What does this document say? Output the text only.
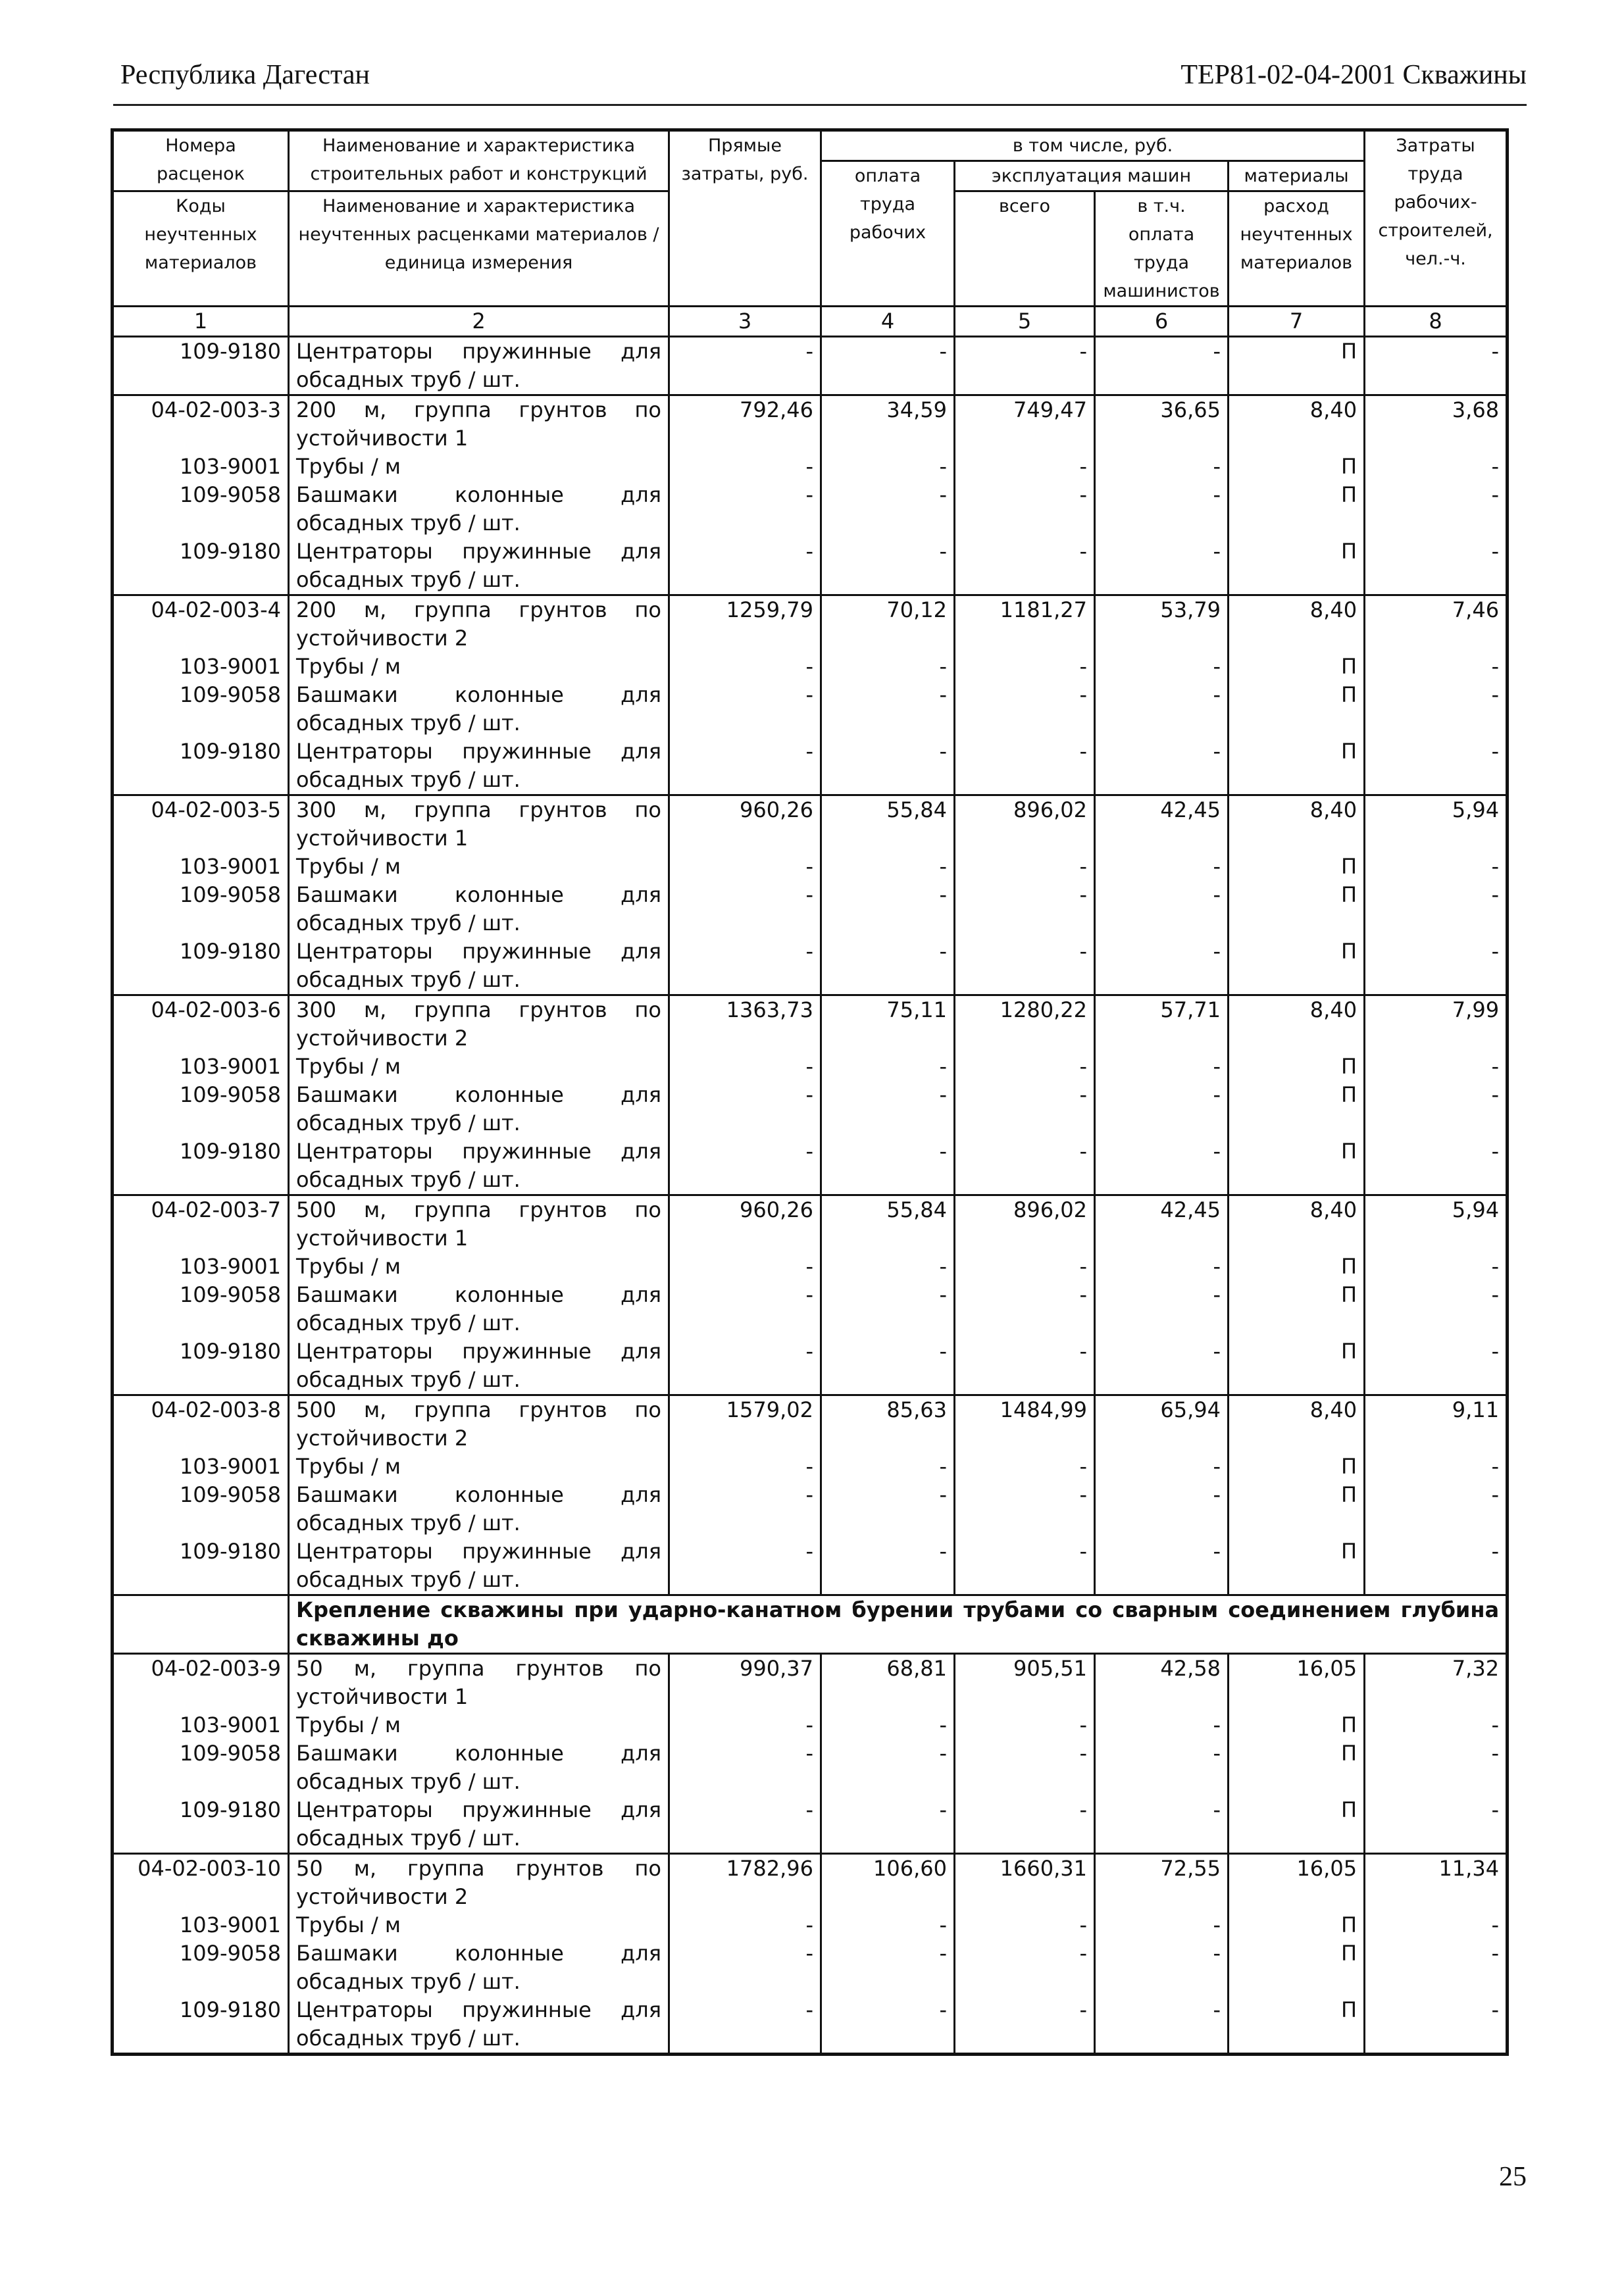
Республика Дагестан	ТЕР81-02-04-2001 Скважины
Номера расценок	Наименование и характеристика строительных работ и конструкций	Прямые затраты, руб.	в том числе, руб.				Затраты труда рабочих-строителей, чел.-ч.
			оплата труда рабочих	эксплуатация машин		материалы	
Коды неучтенных материалов	Наименование и характеристика неучтенных расценками материалов / единица измерения			всего	в т.ч. оплата труда машинистов	расход неучтенных материалов	

1	2	3	4	5	6	7	8
109-9180	Центраторы пружинные для обсадных труб / шт.	-	-	-	-	П	-
04-02-003-3	200 м, группа грунтов по устойчивости 1	792,46	34,59	749,47	36,65	8,40	3,68
103-9001	Трубы / м	-	-	-	-	П	-
109-9058	Башмаки колонные для обсадных труб / шт.	-	-	-	-	П	-
109-9180	Центраторы пружинные для обсадных труб / шт.	-	-	-	-	П	-
04-02-003-4	200 м, группа грунтов по устойчивости 2	1259,79	70,12	1181,27	53,79	8,40	7,46
103-9001	Трубы / м	-	-	-	-	П	-
109-9058	Башмаки колонные для обсадных труб / шт.	-	-	-	-	П	-
109-9180	Центраторы пружинные для обсадных труб / шт.	-	-	-	-	П	-
04-02-003-5	300 м, группа грунтов по устойчивости 1	960,26	55,84	896,02	42,45	8,40	5,94
103-9001	Трубы / м	-	-	-	-	П	-
109-9058	Башмаки колонные для обсадных труб / шт.	-	-	-	-	П	-
109-9180	Центраторы пружинные для обсадных труб / шт.	-	-	-	-	П	-
04-02-003-6	300 м, группа грунтов по устойчивости 2	1363,73	75,11	1280,22	57,71	8,40	7,99
103-9001	Трубы / м	-	-	-	-	П	-
109-9058	Башмаки колонные для обсадных труб / шт.	-	-	-	-	П	-
109-9180	Центраторы пружинные для обсадных труб / шт.	-	-	-	-	П	-
04-02-003-7	500 м, группа грунтов по устойчивости 1	960,26	55,84	896,02	42,45	8,40	5,94
103-9001	Трубы / м	-	-	-	-	П	-
109-9058	Башмаки колонные для обсадных труб / шт.	-	-	-	-	П	-
109-9180	Центраторы пружинные для обсадных труб / шт.	-	-	-	-	П	-
04-02-003-8	500 м, группа грунтов по устойчивости 2	1579,02	85,63	1484,99	65,94	8,40	9,11
103-9001	Трубы / м	-	-	-	-	П	-
109-9058	Башмаки колонные для обсадных труб / шт.	-	-	-	-	П	-
109-9180	Центраторы пружинные для обсадных труб / шт.	-	-	-	-	П	-
	Крепление скважины при ударно-канатном бурении трубами со сварным соединением глубина скважины до						
04-02-003-9	50 м, группа грунтов по устойчивости 1	990,37	68,81	905,51	42,58	16,05	7,32
103-9001	Трубы / м	-	-	-	-	П	-
109-9058	Башмаки колонные для обсадных труб / шт.	-	-	-	-	П	-
109-9180	Центраторы пружинные для обсадных труб / шт.	-	-	-	-	П	-
04-02-003-10	50 м, группа грунтов по устойчивости 2	1782,96	106,60	1660,31	72,55	16,05	11,34
103-9001	Трубы / м	-	-	-	-	П	-
109-9058	Башмаки колонные для обсадных труб / шт.	-	-	-	-	П	-
109-9180	Центраторы пружинные для обсадных труб / шт.	-	-	-	-	П	-
25
